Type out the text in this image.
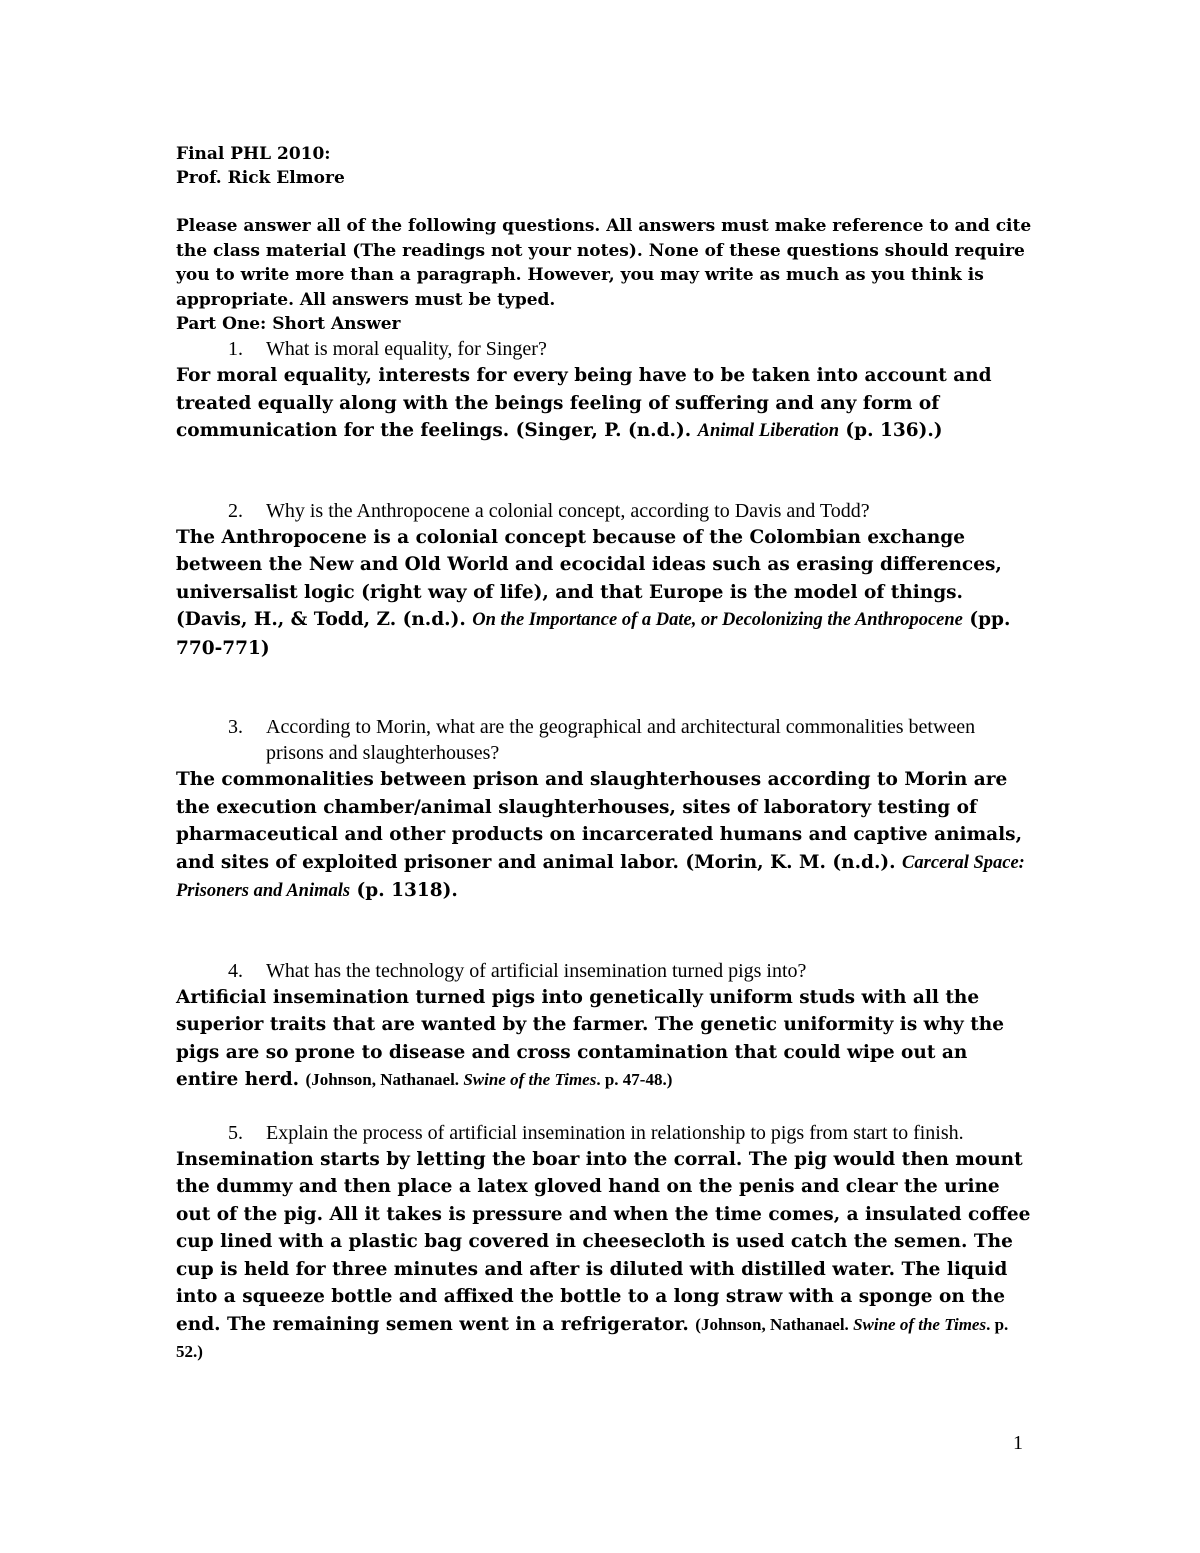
Final PHL 2010:
Prof. Rick Elmore
Please answer all of the following questions. All answers must make reference to and cite the class material (The readings not your notes). None of these questions should require you to write more than a paragraph. However, you may write as much as you think is appropriate. All answers must be typed.
Part One: Short Answer
1. What is moral equality, for Singer?
For moral equality, interests for every being have to be taken into account and treated equally along with the beings feeling of suffering and any form of communication for the feelings. (Singer, P. (n.d.). Animal Liberation (p. 136).)
2. Why is the Anthropocene a colonial concept, according to Davis and Todd?
The Anthropocene is a colonial concept because of the Colombian exchange between the New and Old World and ecocidal ideas such as erasing differences, universalist logic (right way of life), and that Europe is the model of things. (Davis, H., & Todd, Z. (n.d.). On the Importance of a Date, or Decolonizing the Anthropocene (pp. 770-771)
3. According to Morin, what are the geographical and architectural commonalities between prisons and slaughterhouses?
The commonalities between prison and slaughterhouses according to Morin are the execution chamber/animal slaughterhouses, sites of laboratory testing of pharmaceutical and other products on incarcerated humans and captive animals, and sites of exploited prisoner and animal labor. (Morin, K. M. (n.d.). Carceral Space: Prisoners and Animals (p. 1318).
4. What has the technology of artificial insemination turned pigs into?
Artificial insemination turned pigs into genetically uniform studs with all the superior traits that are wanted by the farmer. The genetic uniformity is why the pigs are so prone to disease and cross contamination that could wipe out an entire herd. (Johnson, Nathanael. Swine of the Times. p. 47-48.)
5. Explain the process of artificial insemination in relationship to pigs from start to finish.
Insemination starts by letting the boar into the corral. The pig would then mount the dummy and then place a latex gloved hand on the penis and clear the urine out of the pig. All it takes is pressure and when the time comes, a insulated coffee cup lined with a plastic bag covered in cheesecloth is used catch the semen. The cup is held for three minutes and after is diluted with distilled water. The liquid into a squeeze bottle and affixed the bottle to a long straw with a sponge on the end. The remaining semen went in a refrigerator. (Johnson, Nathanael. Swine of the Times. p. 52.)
1
